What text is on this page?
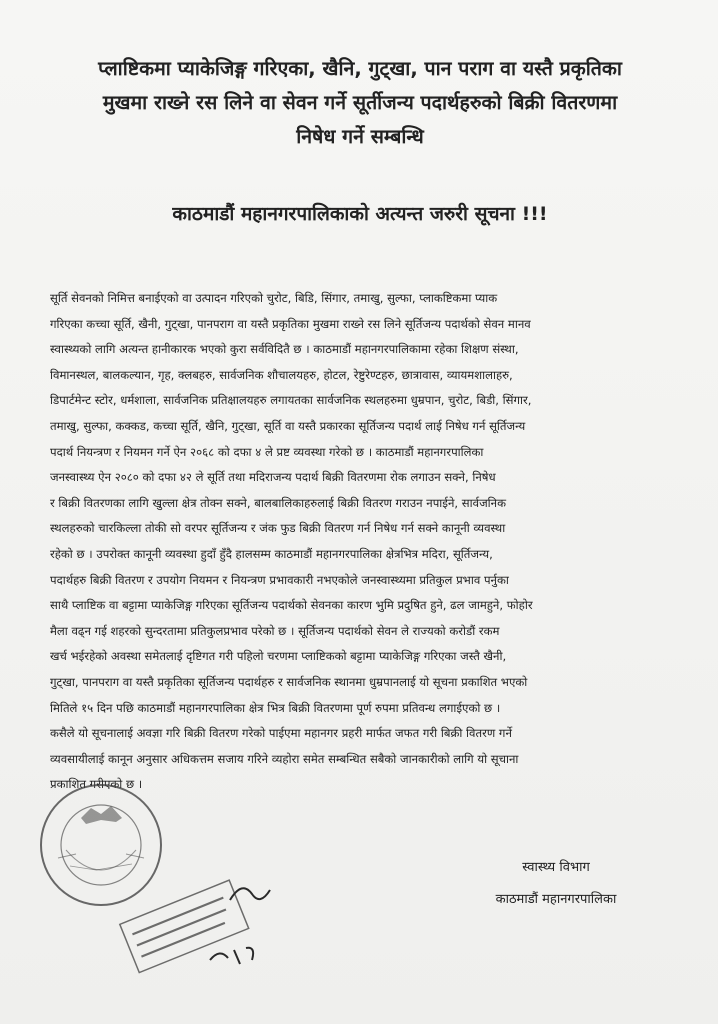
प्लाष्टिकमा प्याकेजिङ्ग गरिएका, खैनि, गुट्खा, पान पराग वा यस्तै प्रकृतिका
मुखमा राख्ने रस लिने वा सेवन गर्ने सूर्तीजन्य पदार्थहरुको बिक्री वितरणमा
निषेध गर्ने सम्बन्धि
काठमाडौं महानगरपालिकाको अत्यन्त जरुरी सूचना !!!
सूर्ति सेवनको निमित्त बनाईएको वा उत्पादन गरिएको चुरोट, बिडि, सिंगार, तमाखु, सुल्फा, प्लाकष्टिकमा प्याक
गरिएका कच्चा सूर्ति, खैनी, गुट्खा, पानपराग वा यस्तै प्रकृतिका मुखमा राख्ने रस लिने सूर्तिजन्य पदार्थको सेवन मानव
स्वास्थ्यको लागि अत्यन्त हानीकारक भएको कुरा सर्वविदितै छ । काठमाडौं महानगरपालिकामा रहेका शिक्षण संस्था,
विमानस्थल, बालकल्यान, गृह, क्लबहरु, सार्वजनिक शौचालयहरु, होटल, रेष्टुरेण्टहरु, छात्रावास, व्यायमशालाहरु,
डिपार्टमेन्ट स्टोर, धर्मशाला, सार्वजनिक प्रतिक्षालयहरु लगायतका सार्वजनिक स्थलहरुमा धुम्रपान, चुरोट, बिडी, सिंगार,
तमाखु, सुल्फा, कक्कड, कच्चा सूर्ति, खैनि, गुट्खा, सूर्ति वा यस्तै प्रकारका सूर्तिजन्य पदार्थ लाई निषेध गर्न सूर्तिजन्य
पदार्थ नियन्त्रण र नियमन गर्ने ऐन २०६८ को दफा ४ ले प्रष्ट व्यवस्था गरेको छ । काठमाडौं महानगरपालिका
जनस्वास्थ्य ऐन २०८० को दफा ४२ ले सूर्ति तथा मदिराजन्य पदार्थ बिक्री वितरणमा रोक लगाउन सक्ने, निषेध
र बिक्री वितरणका लागि खुल्ला क्षेत्र तोक्न सक्ने, बालबालिकाहरुलाई बिक्री वितरण गराउन नपाईने, सार्वजनिक
स्थलहरुको चारकिल्ला तोकी सो वरपर सूर्तिजन्य र जंक फुड बिक्री वितरण गर्न निषेध गर्न सक्ने कानूनी व्यवस्था
रहेको छ । उपरोक्त कानूनी व्यवस्था हुदाँ हुँदै हालसम्म काठमाडौं महानगरपालिका क्षेत्रभित्र मदिरा, सूर्तिजन्य,
पदार्थहरु बिक्री वितरण र उपयोग नियमन र नियन्त्रण प्रभावकारी नभएकोले जनस्वास्थ्यमा प्रतिकुल प्रभाव पर्नुका
साथै प्लाष्टिक वा बट्टामा प्याकेजिङ्ग गरिएका सूर्तिजन्य पदार्थको सेवनका कारण भुमि प्रदुषित हुने, ढल जामहुने, फोहोर
मैला वढ्न गई शहरको सुन्दरतामा प्रतिकुलप्रभाव परेको छ । सूर्तिजन्य पदार्थको सेवन ले राज्यको करोडौं रकम
खर्च भईरहेको अवस्था समेतलाई दृष्टिगत गरी पहिलो चरणमा प्लाष्टिकको बट्टामा प्याकेजिङ्ग गरिएका जस्तै खैनी,
गुट्खा, पानपराग वा यस्तै प्रकृतिका सूर्तिजन्य पदार्थहरु र सार्वजनिक स्थानमा धुम्रपानलाई यो सूचना प्रकाशित भएको
मितिले १५ दिन पछि काठमाडौं महानगरपालिका क्षेत्र भित्र बिक्री वितरणमा पूर्ण रुपमा प्रतिवन्ध लगाईएको छ ।
कसैले यो सूचनालाई अवज्ञा गरि बिक्री वितरण गरेको पाईएमा महानगर प्रहरी मार्फत जफत गरी बिक्री वितरण गर्ने
व्यवसायीलाई कानून अनुसार अधिकत्तम सजाय गरिने व्यहोरा समेत सम्बन्धित सबैको जानकारीको लागि यो सूचाना
प्रकाशित गरीएको छ ।
स्वास्थ्य विभाग
काठमाडौं महानगरपालिका
